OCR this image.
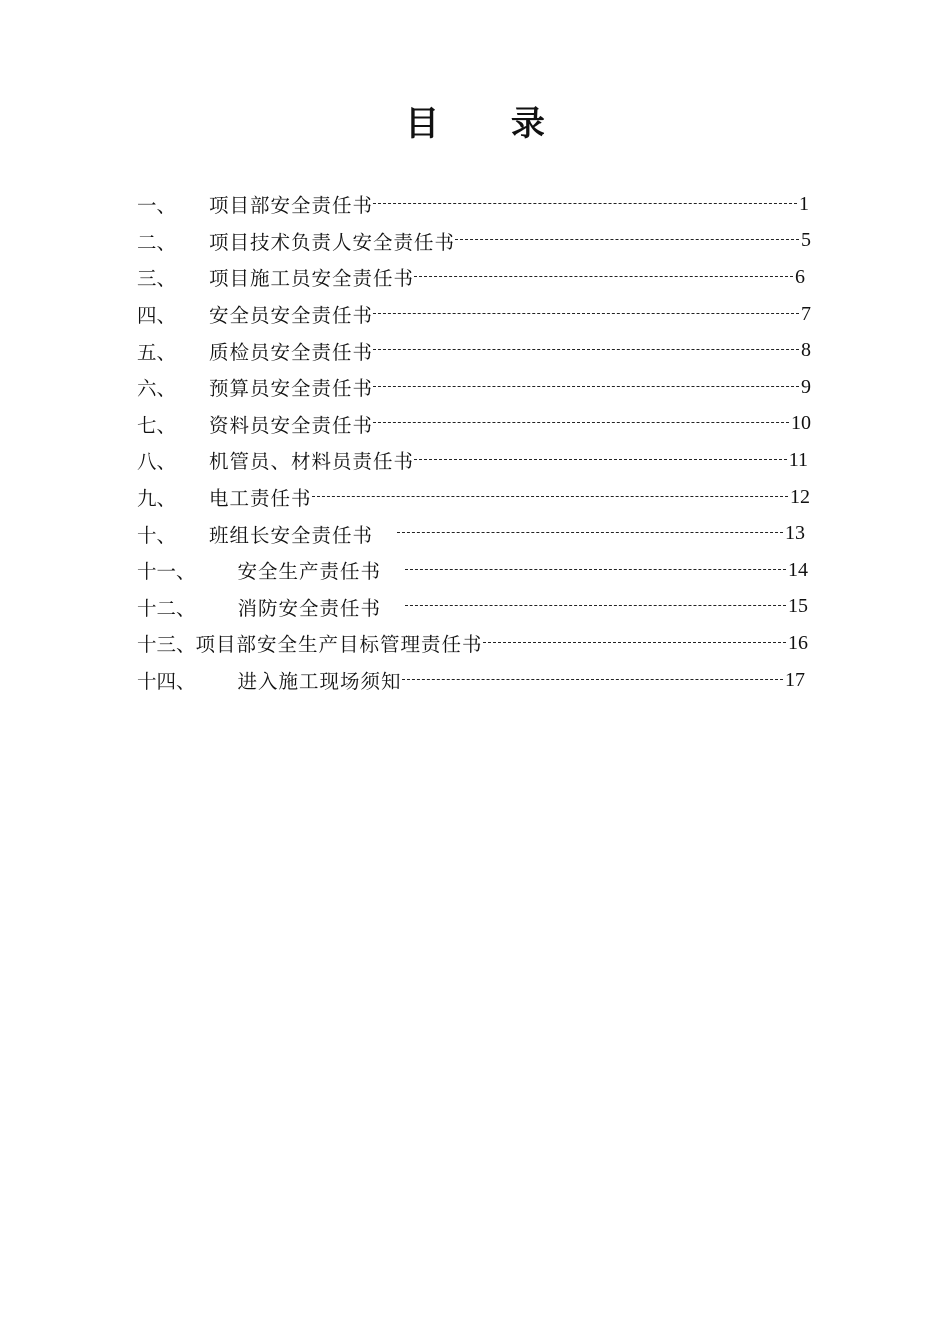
目 录
一、 项目部安全责任书	1
二、 项目技术负责人安全责任书	5
三、 项目施工员安全责任书	6
四、 安全员安全责任书	7
五、 质检员安全责任书	8
六、 预算员安全责任书	9
七、 资料员安全责任书	10
八、 机管员、材料员责任书	11
九、 电工责任书	12
十、 班组长安全责任书	13
十一、 安全生产责任书	14
十二、 消防安全责任书	15
十三、 项目部安全生产目标管理责任书	16
十四、 进入施工现场须知	17
